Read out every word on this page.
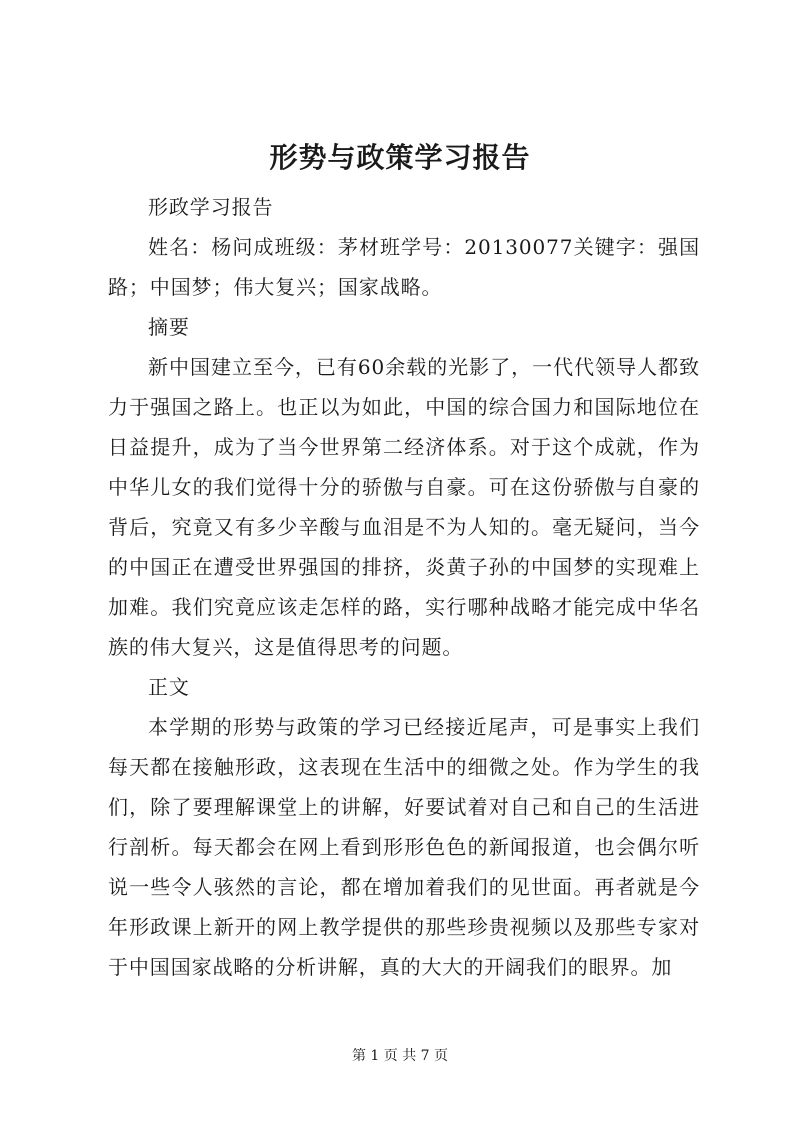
形势与政策学习报告

形政学习报告

姓名：杨问成班级：茅材班学号：20130077关键字：强国路；中国梦；伟大复兴；国家战略。

摘要

新中国建立至今，已有60余载的光影了，一代代领导人都致力于强国之路上。也正以为如此，中国的综合国力和国际地位在日益提升，成为了当今世界第二经济体系。对于这个成就，作为中华儿女的我们觉得十分的骄傲与自豪。可在这份骄傲与自豪的背后，究竟又有多少辛酸与血泪是不为人知的。毫无疑问，当今的中国正在遭受世界强国的排挤，炎黄子孙的中国梦的实现难上加难。我们究竟应该走怎样的路，实行哪种战略才能完成中华名族的伟大复兴，这是值得思考的问题。

正文

本学期的形势与政策的学习已经接近尾声，可是事实上我们每天都在接触形政，这表现在生活中的细微之处。作为学生的我们，除了要理解课堂上的讲解，好要试着对自己和自己的生活进行剖析。每天都会在网上看到形形色色的新闻报道，也会偶尔听说一些令人骇然的言论，都在增加着我们的见世面。再者就是今年形政课上新开的网上教学提供的那些珍贵视频以及那些专家对于中国国家战略的分析讲解，真的大大的开阔我们的眼界。加

第 1 页 共 7 页
